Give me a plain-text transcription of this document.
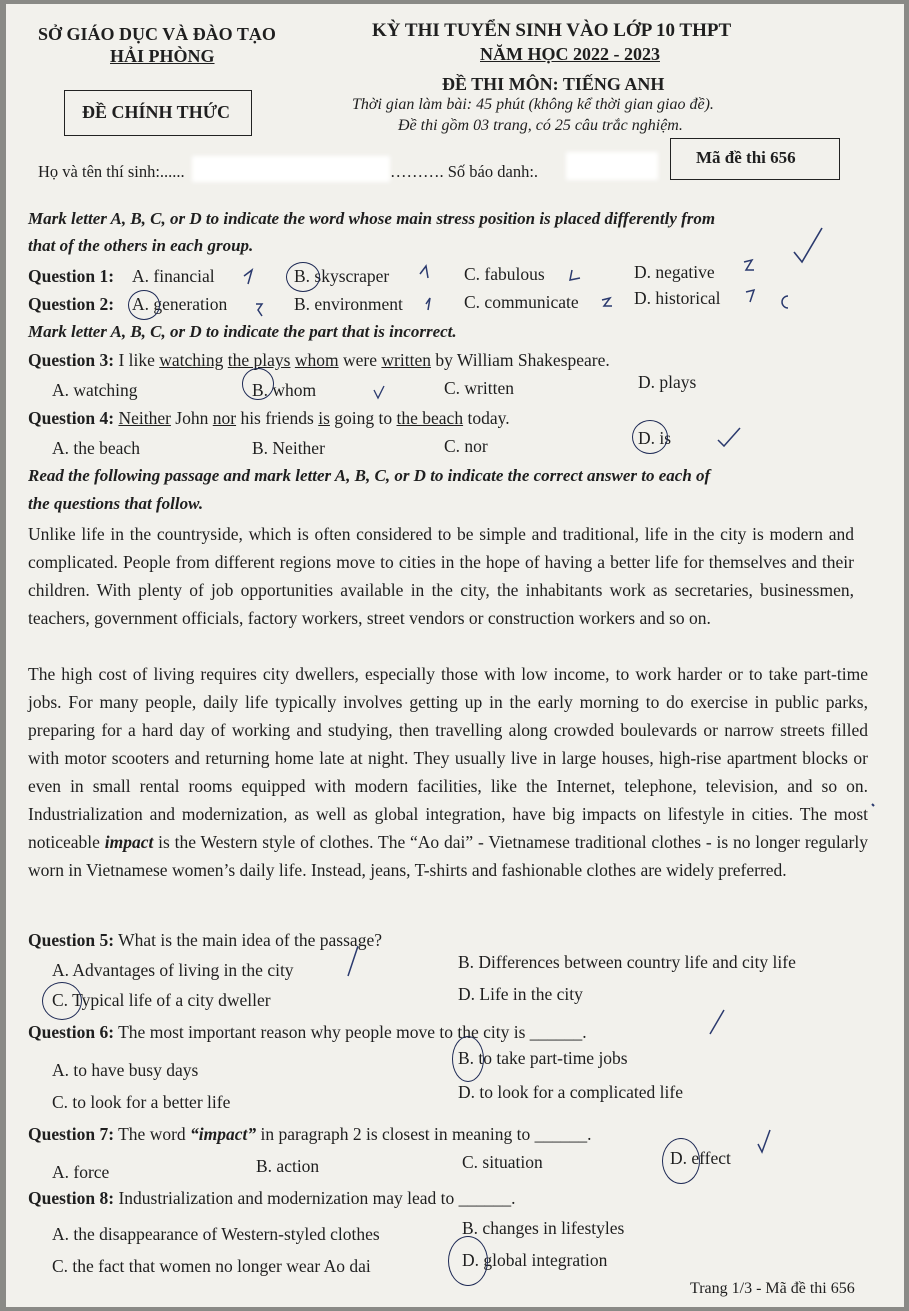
SỞ GIÁO DỤC VÀ ĐÀO TẠO
HẢI PHÒNG
ĐỀ CHÍNH THỨC
KỲ THI TUYỂN SINH VÀO LỚP 10 THPT
NĂM HỌC 2022 - 2023
ĐỀ THI MÔN: TIẾNG ANH
Thời gian làm bài: 45 phút (không kể thời gian giao đề).
Đề thi gồm 03 trang, có 25 câu trắc nghiệm.
Họ và tên thí sinh:......	………. Số báo danh:.
Mã đề thi 656
Mark letter A, B, C, or D to indicate the word whose main stress position is placed differently from
that of the others in each group.
Question 1: A. financial	B. skyscraper	C. fabulous	D. negative
Question 2: A. generation	B. environment	C. communicate	D. historical
Mark letter A, B, C, or D to indicate the part that is incorrect.
Question 3: I like watching the plays whom were written by William Shakespeare.
A. watching	B. whom	C. written	D. plays
Question 4: Neither John nor his friends is going to the beach today.
A. the beach	B. Neither	C. nor	D. is
Read the following passage and mark letter A, B, C, or D to indicate the correct answer to each of
the questions that follow.
Unlike life in the countryside, which is often considered to be simple and traditional, life in the city is modern and complicated. People from different regions move to cities in the hope of having a better life for themselves and their children. With plenty of job opportunities available in the city, the inhabitants work as secretaries, businessmen, teachers, government officials, factory workers, street vendors or construction workers and so on.
The high cost of living requires city dwellers, especially those with low income, to work harder or to take part-time jobs. For many people, daily life typically involves getting up in the early morning to do exercise in public parks, preparing for a hard day of working and studying, then travelling along crowded boulevards or narrow streets filled with motor scooters and returning home late at night. They usually live in large houses, high-rise apartment blocks or even in small rental rooms equipped with modern facilities, like the Internet, telephone, television, and so on. Industrialization and modernization, as well as global integration, have big impacts on lifestyle in cities. The most noticeable impact is the Western style of clothes. The “Ao dai” - Vietnamese traditional clothes - is no longer regularly worn in Vietnamese women’s daily life. Instead, jeans, T-shirts and fashionable clothes are widely preferred.
Question 5: What is the main idea of the passage?
A. Advantages of living in the city	B. Differences between country life and city life
C. Typical life of a city dweller	D. Life in the city
Question 6: The most important reason why people move to the city is ______.
A. to have busy days
B. to take part-time jobs
C. to look for a better life	D. to look for a complicated life
Question 7: The word “impact” in paragraph 2 is closest in meaning to ______.
A. force	B. action	C. situation	D. effect
Question 8: Industrialization and modernization may lead to ______.
A. the disappearance of Western-styled clothes	B. changes in lifestyles
C. the fact that women no longer wear Ao dai	D. global integration
Trang 1/3 - Mã đề thi 656
